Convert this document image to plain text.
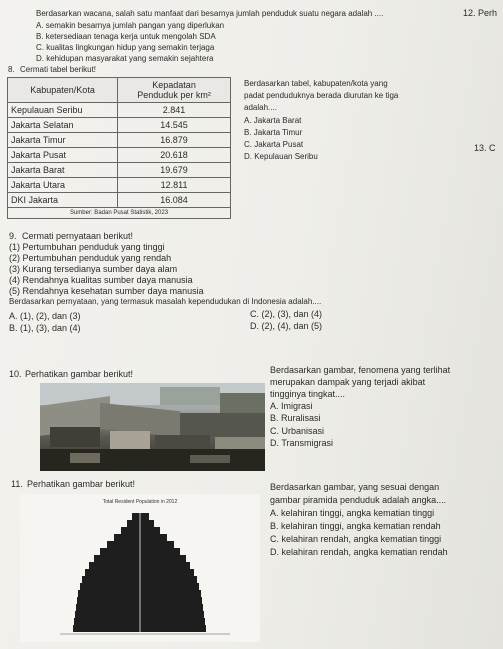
Berdasarkan wacana, salah satu manfaat dari besarnya jumlah penduduk suatu negara adalah ....
A. semakin besarnya jumlah pangan yang diperlukan
B. ketersediaan tenaga kerja untuk mengolah SDA
C. kualitas lingkungan hidup yang semakin terjaga
D. kehidupan masyarakat yang semakin sejahtera
12. Perh
13. C
8. Cermati tabel berikut!
Kabupaten/Kota	Kepadatan
Penduduk per km²
Kepulauan Seribu	2.841
Jakarta Selatan	14.545
Jakarta Timur	16.879
Jakarta Pusat	20.618
Jakarta Barat	19.679
Jakarta Utara	12.811
DKI Jakarta	16.084
Sumber: Badan Pusat Statistik, 2023	
Berdasarkan tabel, kabupaten/kota yang
padat penduduknya berada diurutan ke tiga
adalah....
A. Jakarta Barat
B. Jakarta Timur
C. Jakarta Pusat
D. Kepulauan Seribu
9. Cermati pernyataan berikut!
(1) Pertumbuhan penduduk yang tinggi
(2) Pertumbuhan penduduk yang rendah
(3) Kurang tersedianya sumber daya alam
(4) Rendahnya kualitas sumber daya manusia
(5) Rendahnya kesehatan sumber daya manusia
Berdasarkan pernyataan, yang termasuk masalah kependudukan di Indonesia adalah....
A. (1), (2), dan (3)
B. (1), (3), dan (4)
C. (2), (3), dan (4)
D. (2), (4), dan (5)
10. Perhatikan gambar berikut!	Berdasarkan gambar, fenomena yang terlihat
merupakan dampak yang terjadi akibat
tingginya tingkat....
A. Imigrasi
B. Ruralisasi
C. Urbanisasi
D. Transmigrasi
11. Perhatikan gambar berikut!
Total Resident Population in 2012
Berdasarkan gambar, yang sesuai dengan
gambar piramida penduduk adalah angka....
A. kelahiran tinggi, angka kematian tinggi
B. kelahiran tinggi, angka kematian rendah
C. kelahiran rendah, angka kematian tinggi
D. kelahiran rendah, angka kematian rendah
